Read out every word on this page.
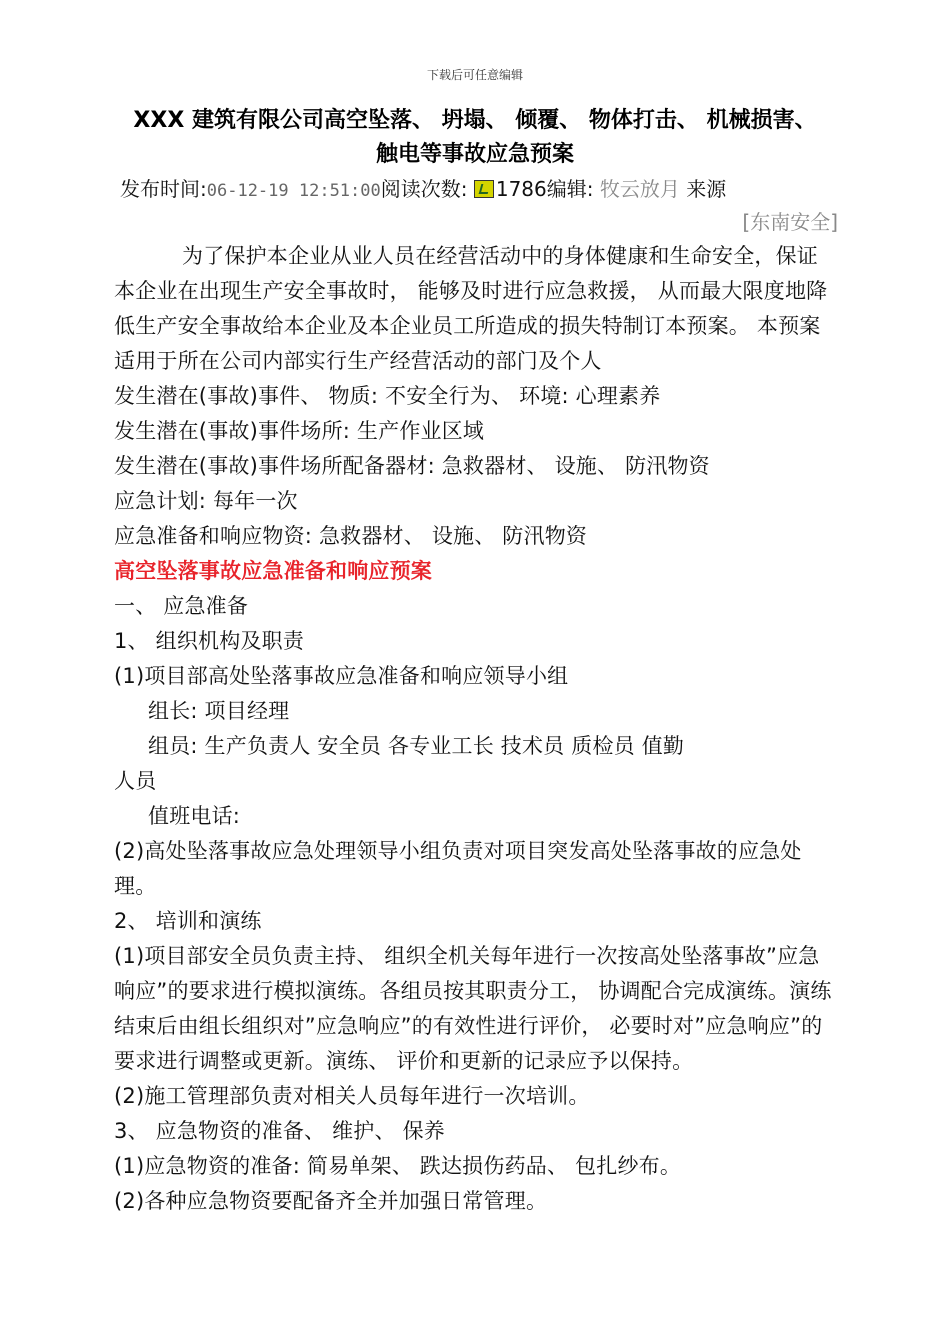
下载后可任意编辑
XXX 建筑有限公司高空坠落、 坍塌、 倾覆、 物体打击、 机械损害、
触电等事故应急预案
发布时间:06-12-19 12:51:00阅读次数: 1786编辑: 牧云放月 来源
[东南安全]

为了保护本企业从业人员在经营活动中的身体健康和生命安全，保证本企业在出现生产安全事故时， 能够及时进行应急救援， 从而最大限度地降低生产安全事故给本企业及本企业员工所造成的损失特制订本预案。 本预案适用于所在公司内部实行生产经营活动的部门及个人

发生潜在(事故)事件、 物质: 不安全行为、 环境: 心理素养

发生潜在(事故)事件场所: 生产作业区域

发生潜在(事故)事件场所配备器材: 急救器材、 设施、 防汛物资

应急计划: 每年一次

应急准备和响应物资: 急救器材、 设施、 防汛物资

高空坠落事故应急准备和响应预案

一、 应急准备

1、 组织机构及职责

(1)项目部高处坠落事故应急准备和响应领导小组

组长: 项目经理

组员: 生产负责人 安全员 各专业工长 技术员 质检员 值勤

人员

值班电话:

(2)高处坠落事故应急处理领导小组负责对项目突发高处坠落事故的应急处理。

2、 培训和演练

(1)项目部安全员负责主持、 组织全机关每年进行一次按高处坠落事故”应急响应”的要求进行模拟演练。各组员按其职责分工， 协调配合完成演练。演练结束后由组长组织对”应急响应”的有效性进行评价， 必要时对”应急响应”的要求进行调整或更新。演练、 评价和更新的记录应予以保持。

(2)施工管理部负责对相关人员每年进行一次培训。

3、 应急物资的准备、 维护、 保养

(1)应急物资的准备: 简易单架、 跌达损伤药品、 包扎纱布。

(2)各种应急物资要配备齐全并加强日常管理。
